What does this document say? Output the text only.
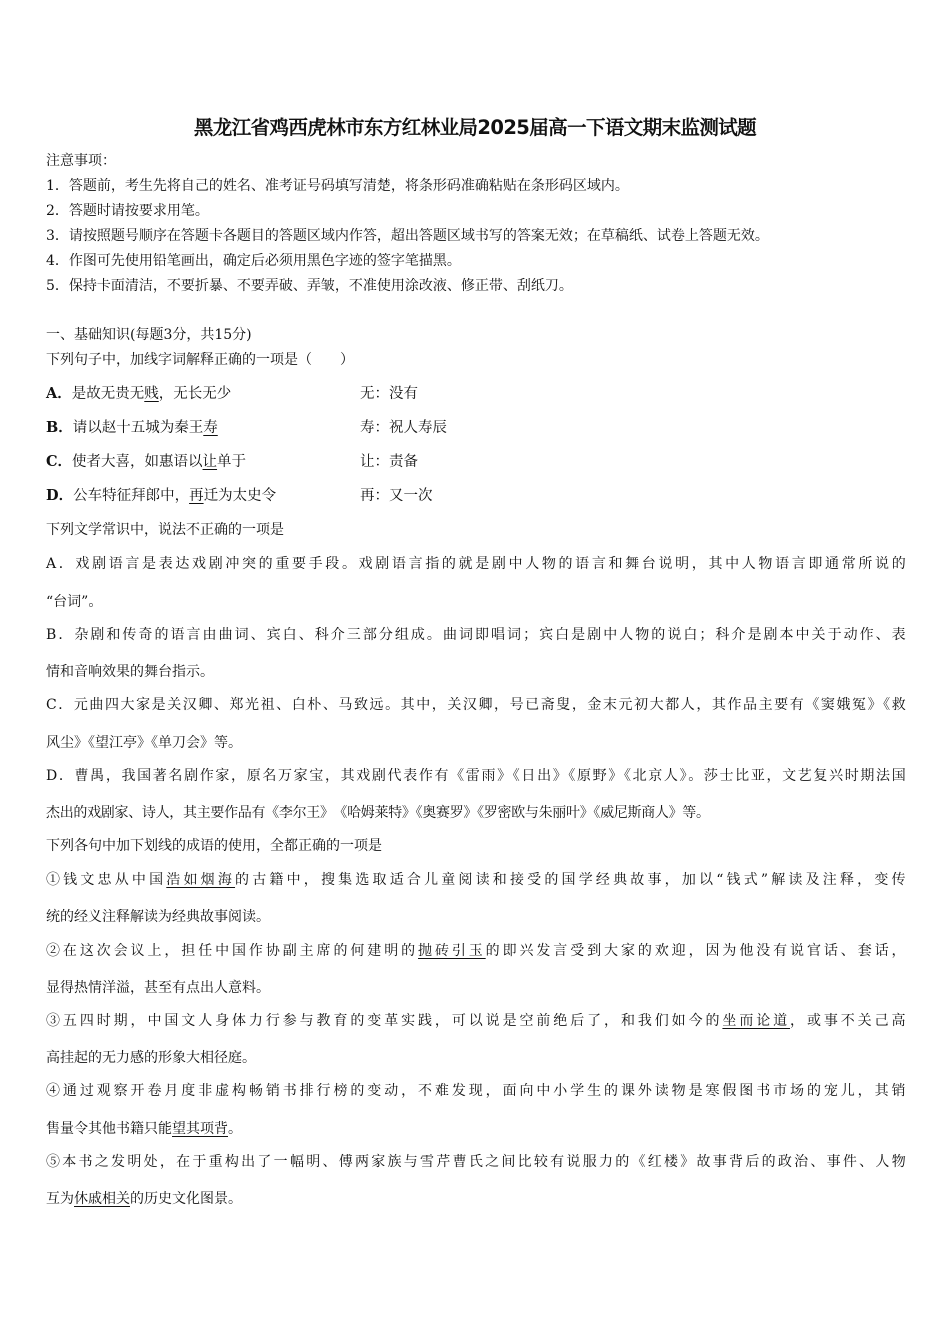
黑龙江省鸡西虎林市东方红林业局2025届高一下语文期末监测试题
注意事项：
1．答题前，考生先将自己的姓名、准考证号码填写清楚，将条形码准确粘贴在条形码区域内。
2．答题时请按要求用笔。
3．请按照题号顺序在答题卡各题目的答题区域内作答，超出答题区域书写的答案无效；在草稿纸、试卷上答题无效。
4．作图可先使用铅笔画出，确定后必须用黑色字迹的签字笔描黑。
5．保持卡面清洁，不要折暴、不要弄破、弄皱，不准使用涂改液、修正带、刮纸刀。
一、基础知识(每题3分，共15分)
下列句子中，加线字词解释正确的一项是（　　）
A．是故无贵无贱，无长无少	无：没有
B．请以赵十五城为秦王寿	寿：祝人寿辰
C．使者大喜，如惠语以让单于	让：责备
D．公车特征拜郎中，再迁为太史令	再：又一次
下列文学常识中，说法不正确的一项是
A．戏剧语言是表达戏剧冲突的重要手段。戏剧语言指的就是剧中人物的语言和舞台说明，其中人物语言即通常所说的
“台词”。
B．杂剧和传奇的语言由曲词、宾白、科介三部分组成。曲词即唱词；宾白是剧中人物的说白；科介是剧本中关于动作、表
情和音响效果的舞台指示。
C．元曲四大家是关汉卿、郑光祖、白朴、马致远。其中，关汉卿，号已斋叟，金末元初大都人，其作品主要有《窦娥冤》《救
风尘》《望江亭》《单刀会》等。
D．曹禺，我国著名剧作家，原名万家宝，其戏剧代表作有《雷雨》《日出》《原野》《北京人》。莎士比亚，文艺复兴时期法国
杰出的戏剧家、诗人，其主要作品有《李尔王》　《哈姆莱特》《奥赛罗》《罗密欧与朱丽叶》《威尼斯商人》等。
下列各句中加下划线的成语的使用，全都正确的一项是
①钱文忠从中国浩如烟海的古籍中，搜集选取适合儿童阅读和接受的国学经典故事，加以“钱式”解读及注释，变传
统的经义注释解读为经典故事阅读。
②在这次会议上，担任中国作协副主席的何建明的抛砖引玉的即兴发言受到大家的欢迎，因为他没有说官话、套话，
显得热情洋溢，甚至有点出人意料。
③五四时期，中国文人身体力行参与教育的变革实践，可以说是空前绝后了，和我们如今的坐而论道，或事不关己高
高挂起的无力感的形象大相径庭。
④通过观察开卷月度非虚构畅销书排行榜的变动，不难发现，面向中小学生的课外读物是寒假图书市场的宠儿，其销
售量令其他书籍只能望其项背。
⑤本书之发明处，在于重构出了一幅明、傅两家族与雪芹曹氏之间比较有说服力的《红楼》故事背后的政治、事件、人物
互为休戚相关的历史文化图景。
